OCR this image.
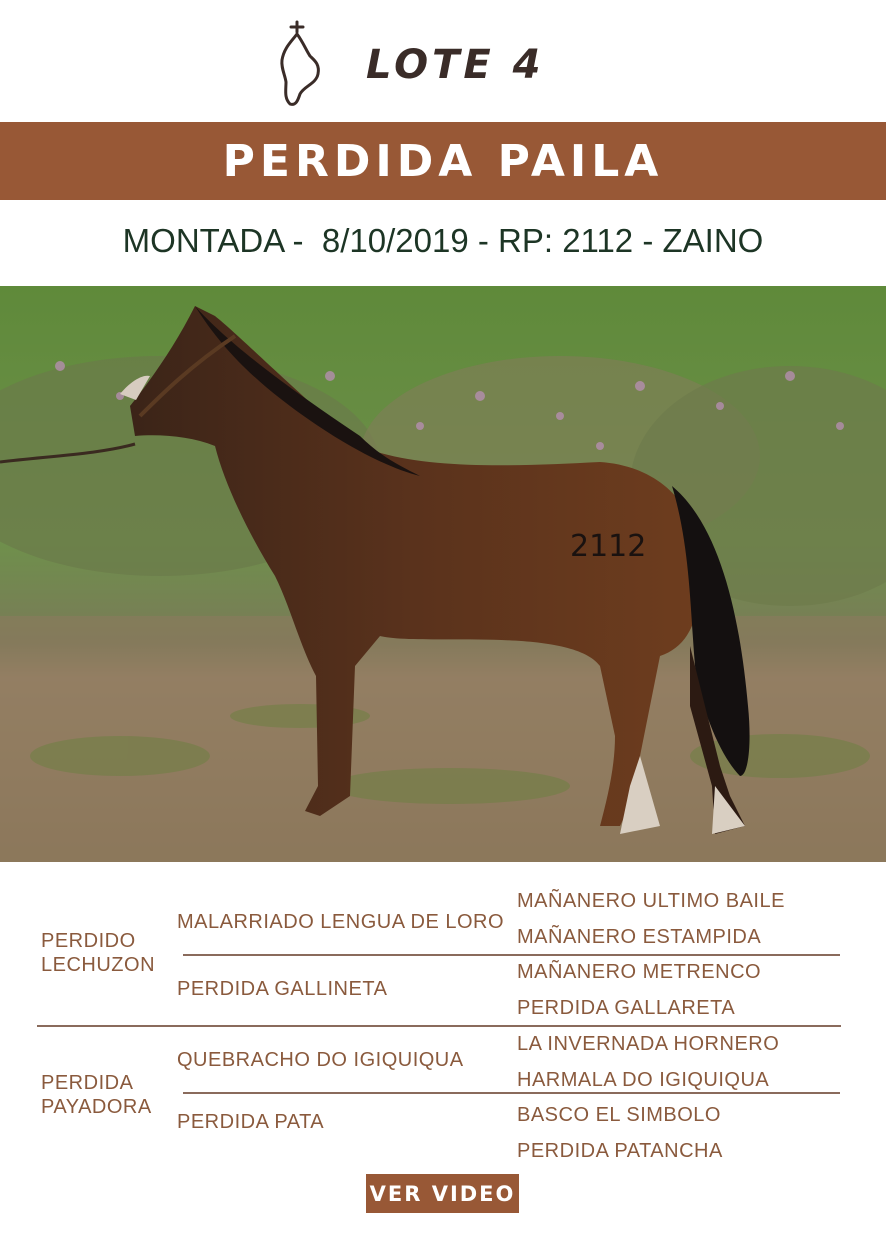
LOTE 4
PERDIDA PAILA
MONTADA -  8/10/2019 - RP: 2112 - ZAINO
2112
PERDIDO
LECHUZON
PERDIDA
PAYADORA
MALARRIADO LENGUA DE LORO
PERDIDA GALLINETA
QUEBRACHO DO IGIQUIQUA
PERDIDA PATA
MAÑANERO ULTIMO BAILE
MAÑANERO ESTAMPIDA
MAÑANERO METRENCO
PERDIDA GALLARETA
LA INVERNADA HORNERO
HARMALA DO IGIQUIQUA
BASCO EL SIMBOLO
PERDIDA PATANCHA
VER VIDEO
